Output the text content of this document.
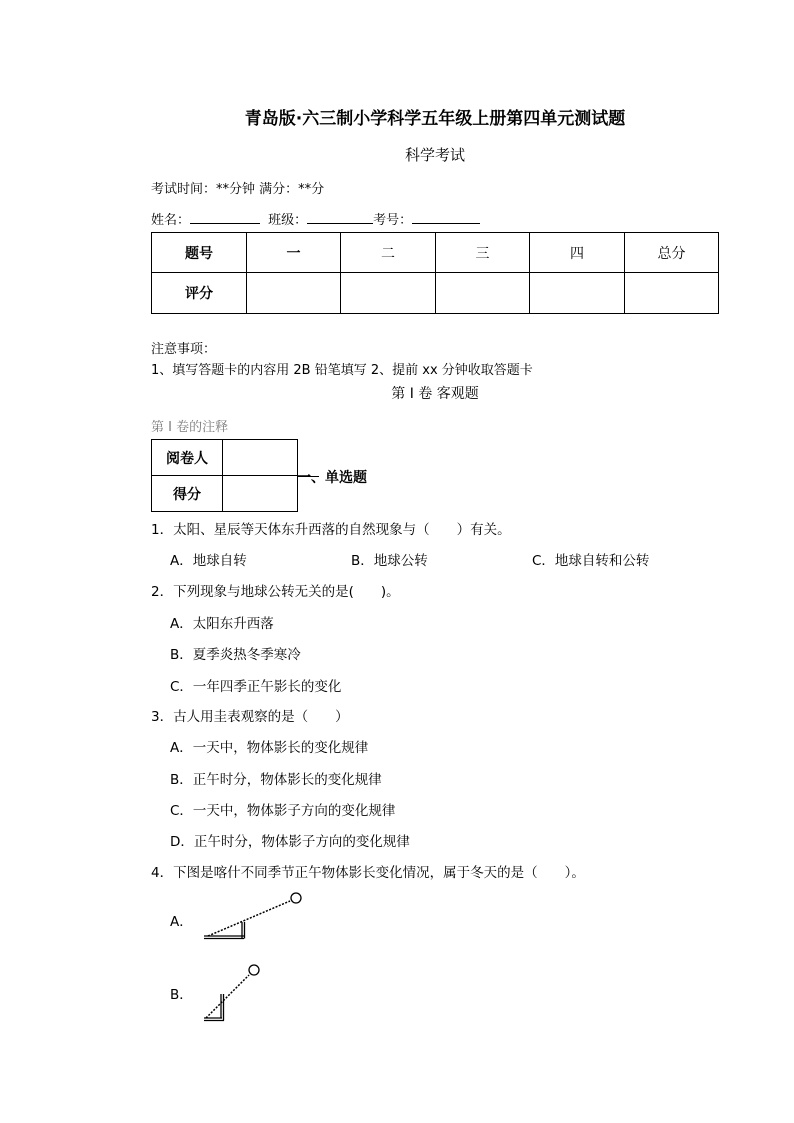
青岛版·六三制小学科学五年级上册第四单元测试题
科学考试
考试时间：**分钟 满分：**分
姓名：	班级：	考号：
题号	一	二	三	四	总分
评分					
注意事项：
1、填写答题卡的内容用 2B 铅笔填写 2、提前 xx 分钟收取答题卡
第 I 卷 客观题
第 I 卷的注释
阅卷人	
得分	
一、单选题
1．太阳、星辰等天体东升西落的自然现象与（　　）有关。
A．地球自转	B．地球公转	C．地球自转和公转
2．下列现象与地球公转无关的是(　　)。
A．太阳东升西落
B．夏季炎热冬季寒冷
C．一年四季正午影长的变化
3．古人用圭表观察的是（　　）
A．一天中，物体影长的变化规律
B．正午时分，物体影长的变化规律
C．一天中，物体影子方向的变化规律
D．正午时分，物体影子方向的变化规律
4．下图是喀什不同季节正午物体影长变化情况，属于冬天的是（　　）。
A．
B．
